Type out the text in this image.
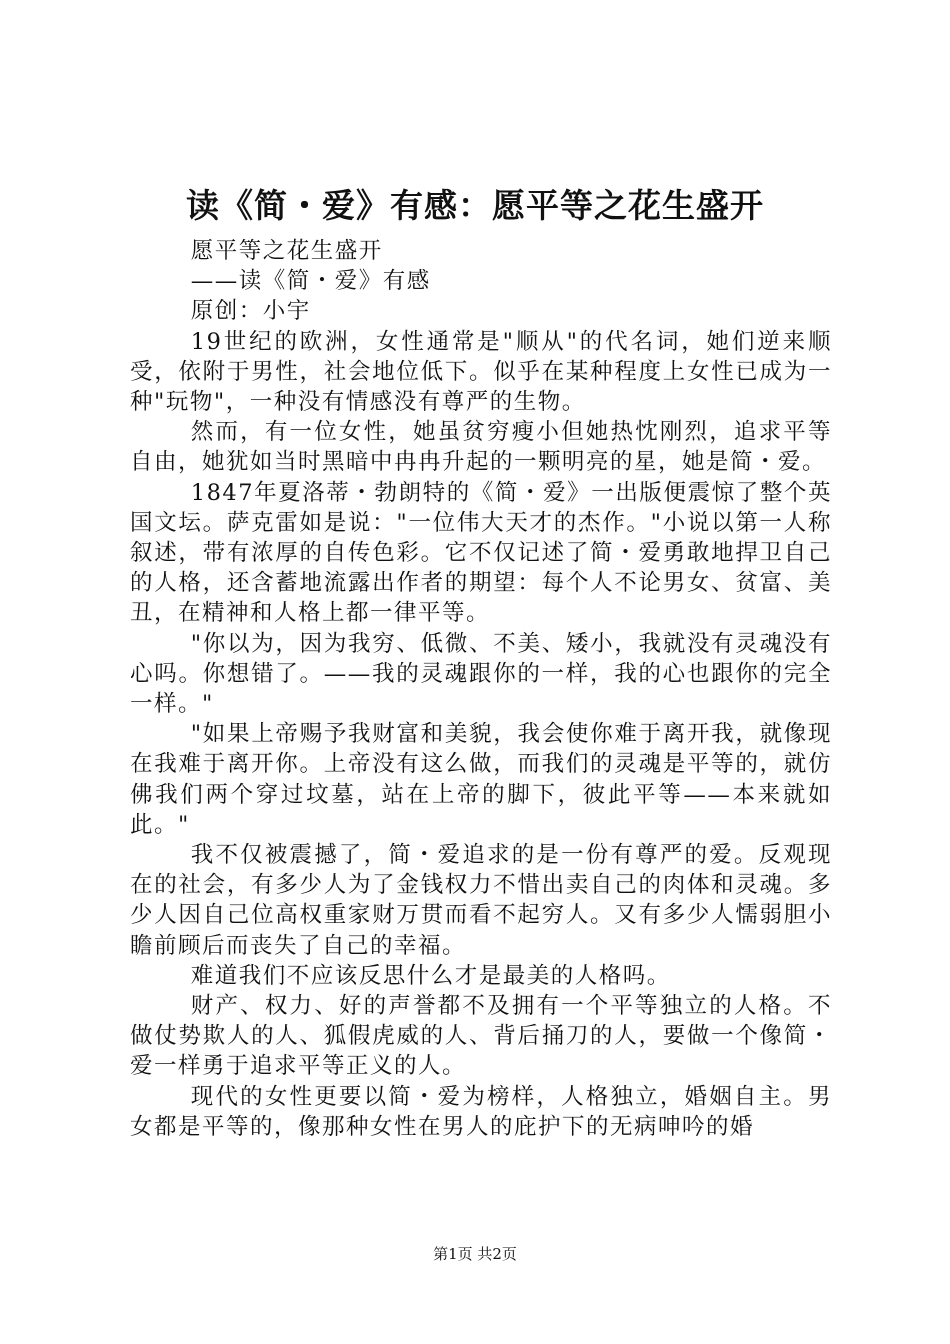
读《简・爱》有感：愿平等之花生盛开

愿平等之花生盛开

——读《简・爱》有感

原创：小宇

19世纪的欧洲，女性通常是"顺从"的代名词，她们逆来顺受，依附于男性，社会地位低下。似乎在某种程度上女性已成为一种"玩物"，一种没有情感没有尊严的生物。

然而，有一位女性，她虽贫穷瘦小但她热忱刚烈，追求平等自由，她犹如当时黑暗中冉冉升起的一颗明亮的星，她是简・爱。

1847年夏洛蒂・勃朗特的《简・爱》一出版便震惊了整个英国文坛。萨克雷如是说："一位伟大天才的杰作。"小说以第一人称叙述，带有浓厚的自传色彩。它不仅记述了简・爱勇敢地捍卫自己的人格，还含蓄地流露出作者的期望：每个人不论男女、贫富、美丑，在精神和人格上都一律平等。

"你以为，因为我穷、低微、不美、矮小，我就没有灵魂没有心吗。你想错了。——我的灵魂跟你的一样，我的心也跟你的完全一样。"

"如果上帝赐予我财富和美貌，我会使你难于离开我，就像现在我难于离开你。上帝没有这么做，而我们的灵魂是平等的，就仿佛我们两个穿过坟墓，站在上帝的脚下，彼此平等——本来就如此。"

我不仅被震撼了，简・爱追求的是一份有尊严的爱。反观现在的社会，有多少人为了金钱权力不惜出卖自己的肉体和灵魂。多少人因自己位高权重家财万贯而看不起穷人。又有多少人懦弱胆小瞻前顾后而丧失了自己的幸福。

难道我们不应该反思什么才是最美的人格吗。

财产、权力、好的声誉都不及拥有一个平等独立的人格。不做仗势欺人的人、狐假虎威的人、背后捅刀的人，要做一个像简・爱一样勇于追求平等正义的人。

现代的女性更要以简・爱为榜样，人格独立，婚姻自主。男女都是平等的，像那种女性在男人的庇护下的无病呻吟的婚

第1页 共2页
